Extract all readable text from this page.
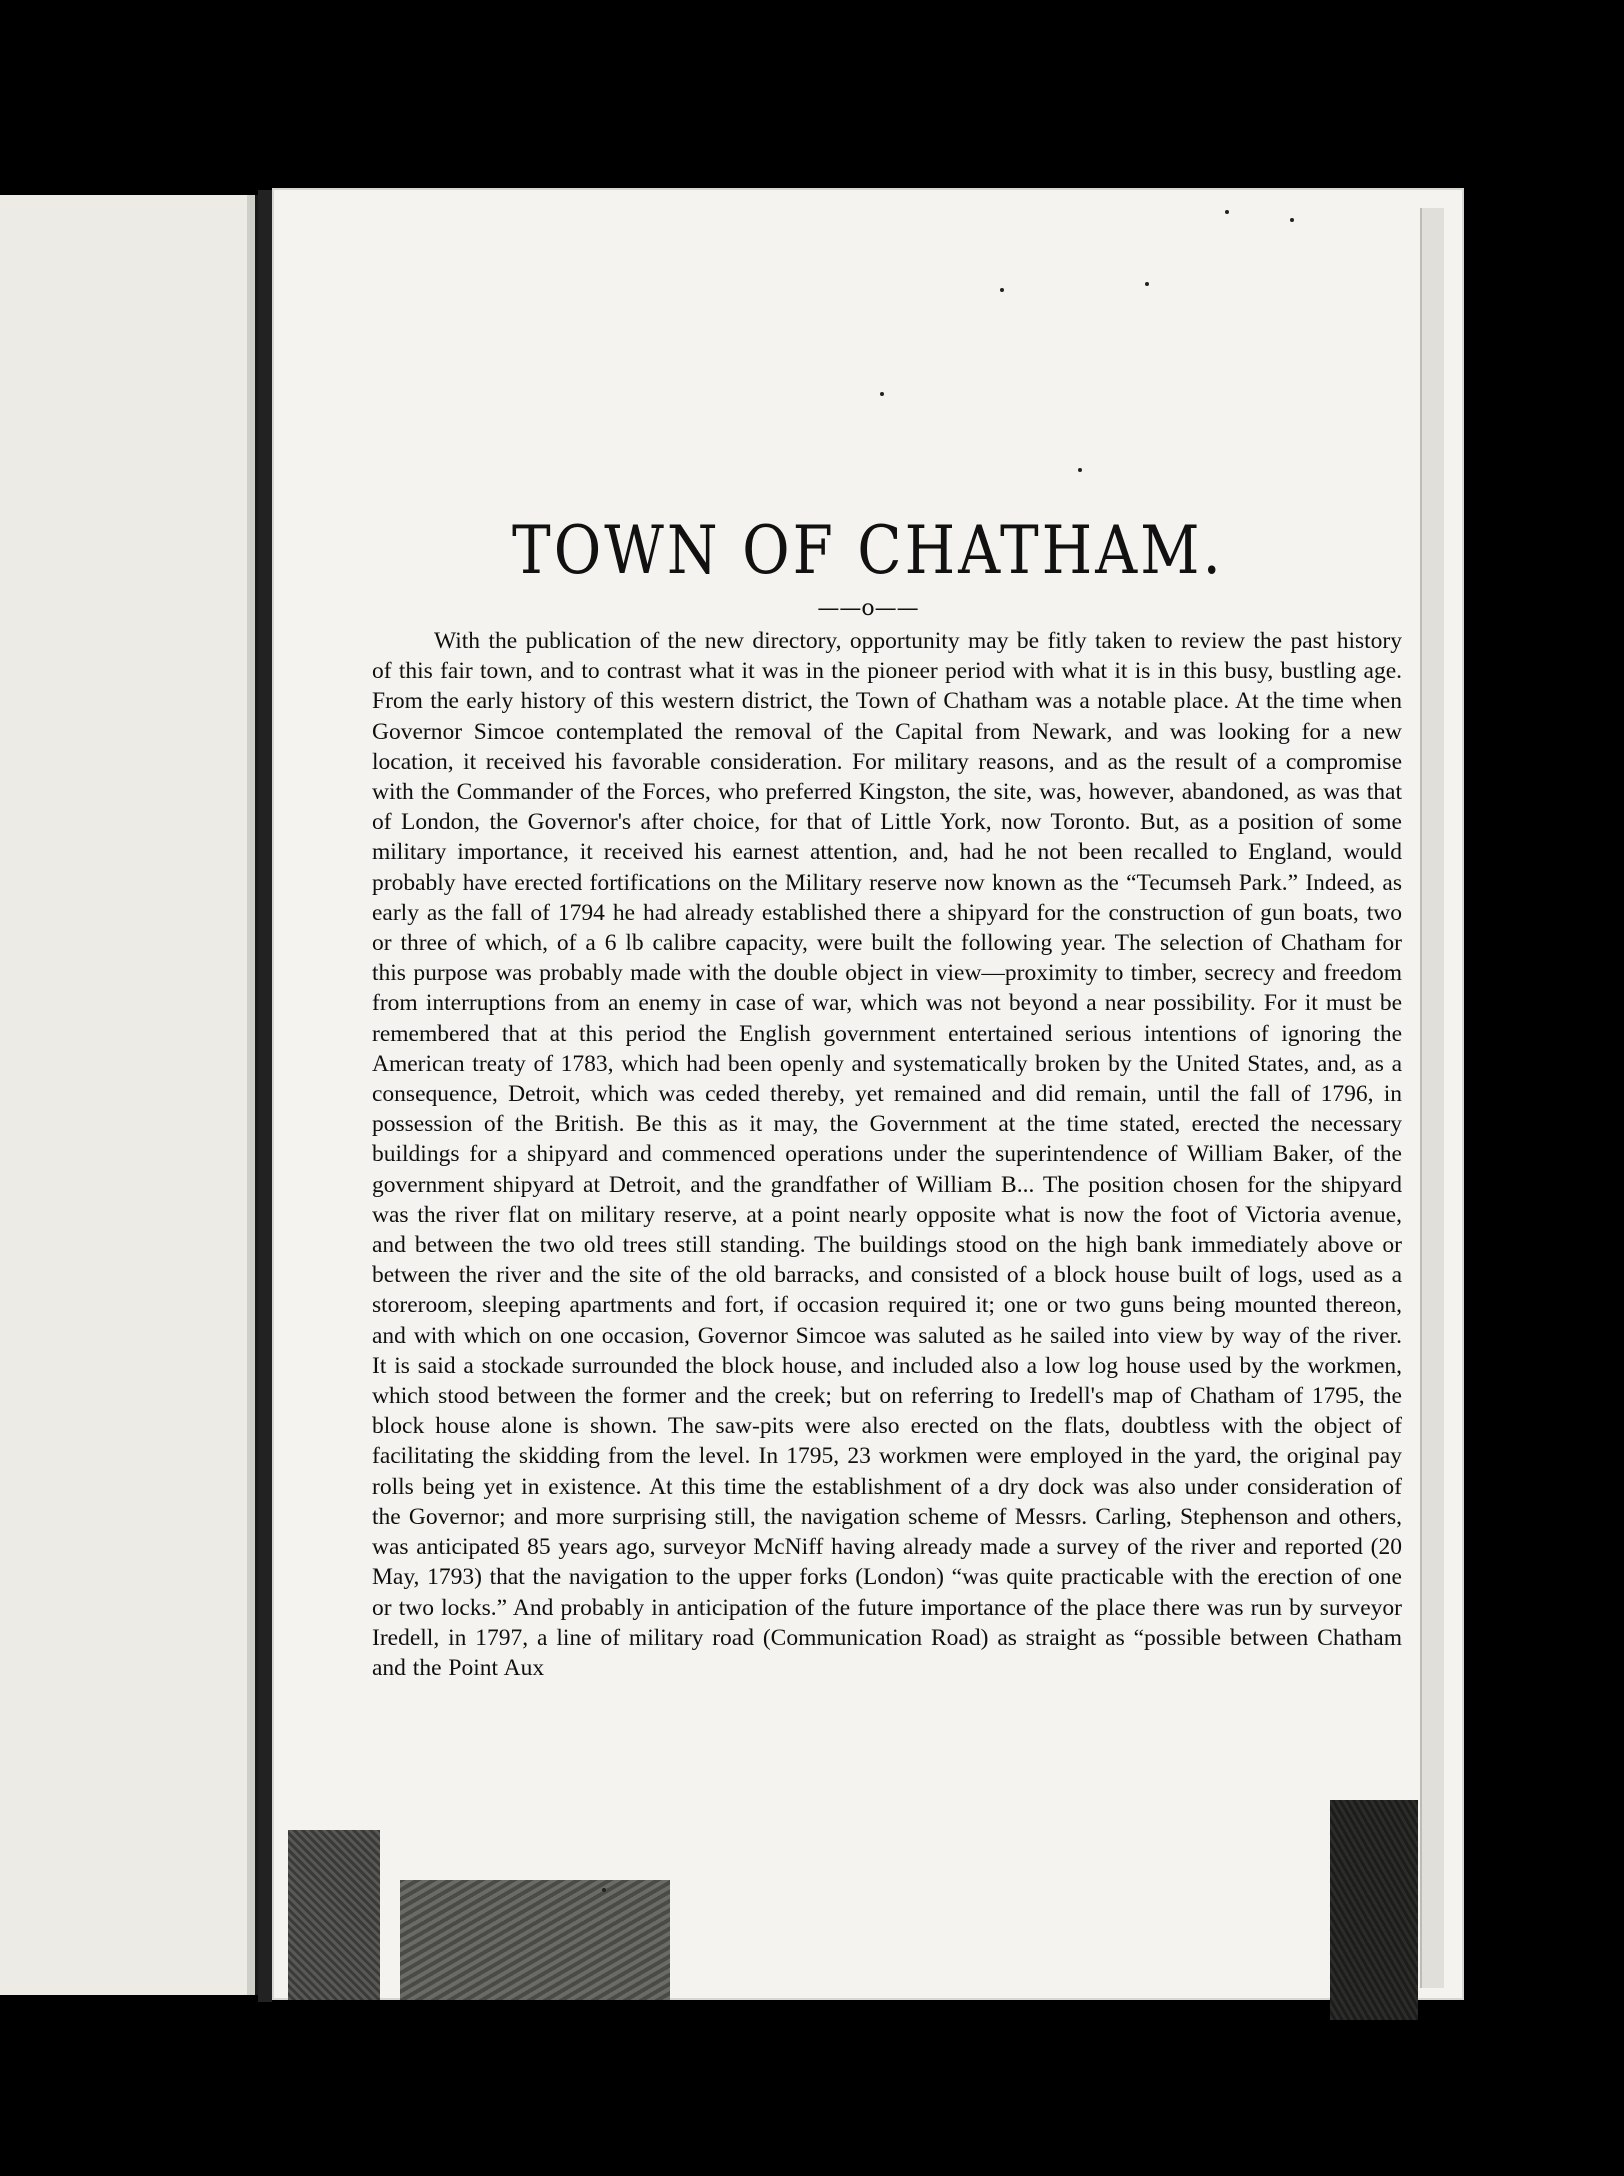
TOWN OF CHATHAM.
——o——
With the publication of the new directory, opportunity may be fitly taken to review the past history of this fair town, and to contrast what it was in the pioneer period with what it is in this busy, bustling age. From the early history of this western district, the Town of Chatham was a notable place. At the time when Governor Simcoe contemplated the removal of the Capital from Newark, and was looking for a new location, it received his favorable consideration. For military reasons, and as the result of a compromise with the Commander of the Forces, who preferred Kingston, the site, was, however, abandoned, as was that of London, the Governor's after choice, for that of Little York, now Toronto. But, as a position of some military importance, it received his earnest attention, and, had he not been recalled to England, would probably have erected fortifications on the Military reserve now known as the “Tecumseh Park.” Indeed, as early as the fall of 1794 he had already established there a shipyard for the construction of gun boats, two or three of which, of a 6 lb calibre capacity, were built the following year. The selection of Chatham for this purpose was probably made with the double object in view—proximity to timber, secrecy and freedom from interruptions from an enemy in case of war, which was not beyond a near possibility. For it must be remembered that at this period the English government entertained serious intentions of ignoring the American treaty of 1783, which had been openly and systematically broken by the United States, and, as a consequence, Detroit, which was ceded thereby, yet remained and did remain, until the fall of 1796, in possession of the British. Be this as it may, the Government at the time stated, erected the necessary buildings for a shipyard and commenced operations under the superintendence of William Baker, of the government shipyard at Detroit, and the grandfather of William B... The position chosen for the shipyard was the river flat on military reserve, at a point nearly opposite what is now the foot of Victoria avenue, and between the two old trees still standing. The buildings stood on the high bank immediately above or between the river and the site of the old barracks, and consisted of a block house built of logs, used as a storeroom, sleeping apartments and fort, if occasion required it; one or two guns being mounted thereon, and with which on one occasion, Governor Simcoe was saluted as he sailed into view by way of the river. It is said a stockade surrounded the block house, and included also a low log house used by the workmen, which stood between the former and the creek; but on referring to Iredell's map of Chatham of 1795, the block house alone is shown. The saw-pits were also erected on the flats, doubtless with the object of facilitating the skidding from the level. In 1795, 23 workmen were employed in the yard, the original pay rolls being yet in existence. At this time the establishment of a dry dock was also under consideration of the Governor; and more surprising still, the navigation scheme of Messrs. Carling, Stephenson and others, was anticipated 85 years ago, surveyor McNiff having already made a survey of the river and reported (20 May, 1793) that the navigation to the upper forks (London) “was quite practicable with the erection of one or two locks.” And probably in anticipation of the future importance of the place there was run by surveyor Iredell, in 1797, a line of military road (Communication Road) as straight as “possible between Chatham and the Point Aux
